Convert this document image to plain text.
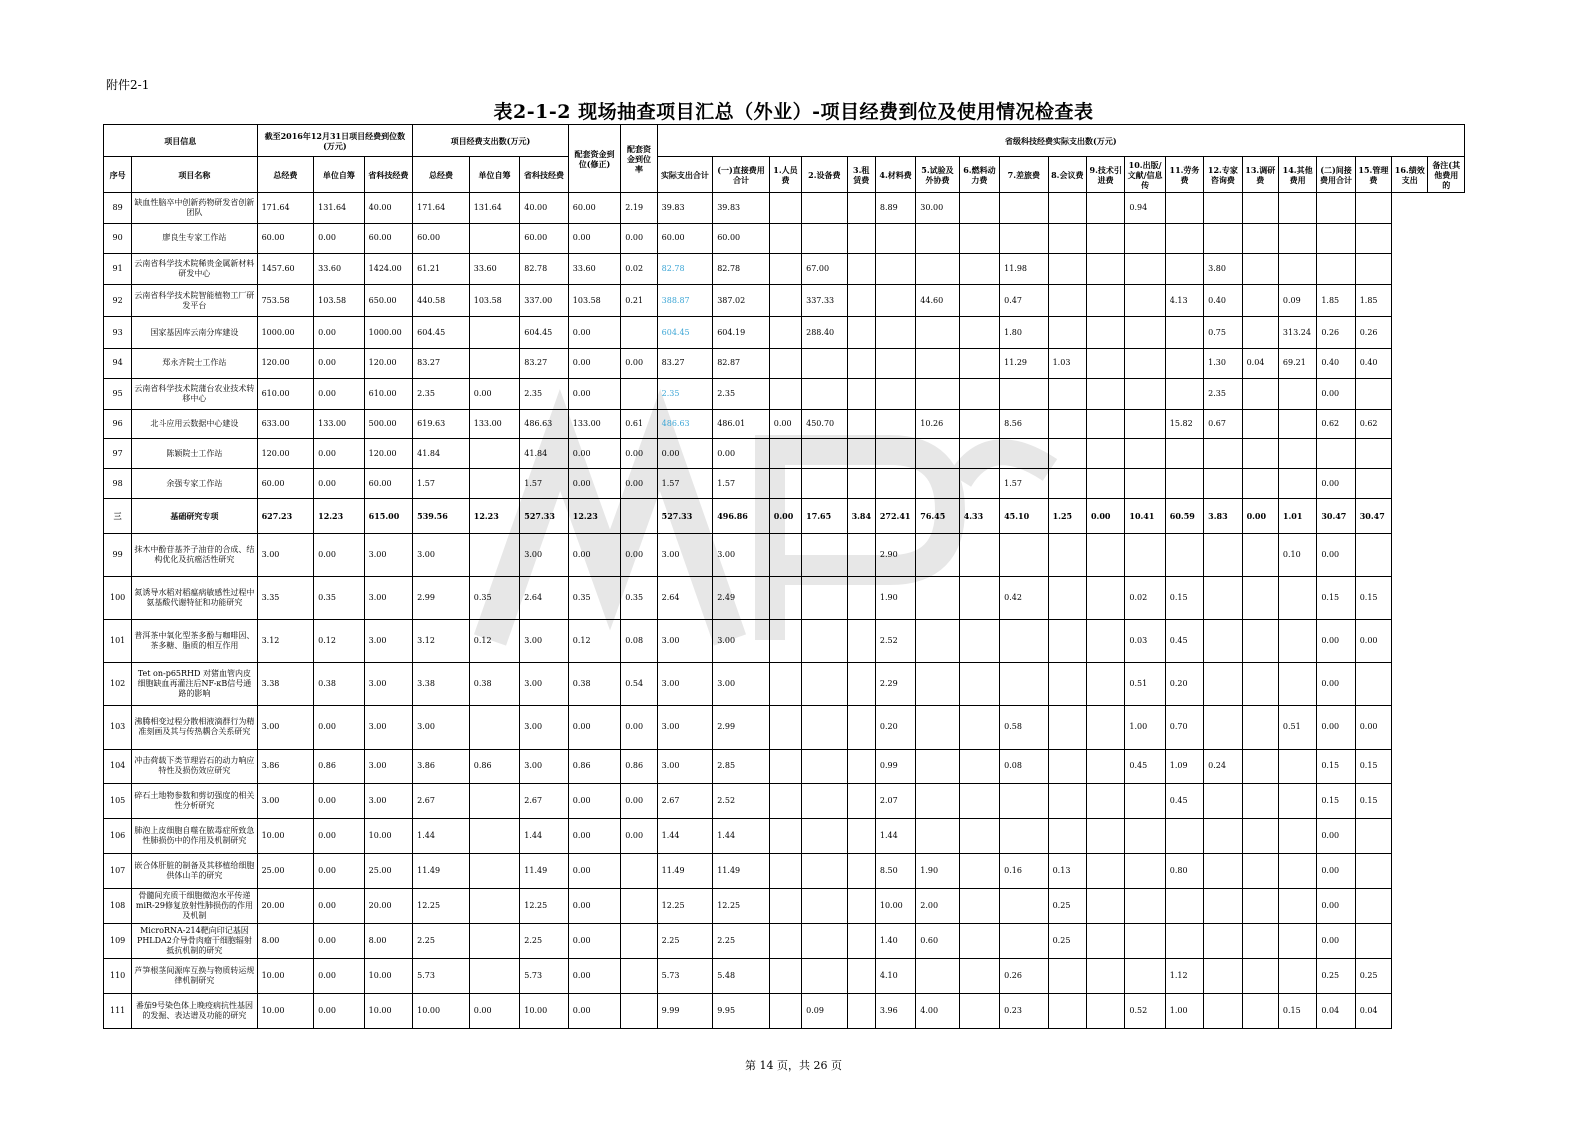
附件2-1
表2-1-2 现场抽查项目汇总（外业）-项目经费到位及使用情况检查表
项目信息		截至2016年12月31日项目经费到位数(万元)			项目经费支出数(万元)			配套资金到位(修正)	配套资金到位率	省级科技经费实际支出数(万元)																			
序号	项目名称	总经费	单位自筹	省科技经费	总经费	单位自筹	省科技经费			实际支出合计	(一)直接费用合计	1.人员费	2.设备费	3.租赁费	4.材料费	5.试验及外协费	6.燃料动力费	7.差旅费	8.会议费	9.技术引进费	10.出版/文献/信息传	11.劳务费	12.专家咨询费	13.调研费	14.其他费用	(二)间接费用合计	15.管理费	16.绩效支出	备注(其他费用的
89	缺血性脑卒中创新药物研发省创新团队	171.64	131.64	40.00	171.64	131.64	40.00	60.00	2.19	39.83	39.83				8.89	30.00					0.94								
90	廖良生专家工作站	60.00	0.00	60.00	60.00		60.00	0.00	0.00	60.00	60.00																		
91	云南省科学技术院稀贵金属新材料研发中心	1457.60	33.60	1424.00	61.21	33.60	82.78	33.60	0.02	82.78	82.78		67.00					11.98					3.80						
92	云南省科学技术院智能植物工厂研发平台	753.58	103.58	650.00	440.58	103.58	337.00	103.58	0.21	388.87	387.02		337.33			44.60		0.47				4.13	0.40		0.09	1.85	1.85		
93	国家基因库云南分库建设	1000.00	0.00	1000.00	604.45		604.45	0.00		604.45	604.19		288.40					1.80					0.75		313.24	0.26	0.26		
94	郑永齐院士工作站	120.00	0.00	120.00	83.27		83.27	0.00	0.00	83.27	82.87							11.29	1.03				1.30	0.04	69.21	0.40	0.40		
95	云南省科学技术院蒲台农业技术转移中心	610.00	0.00	610.00	2.35	0.00	2.35	0.00		2.35	2.35												2.35			0.00			
96	北斗应用云数据中心建设	633.00	133.00	500.00	619.63	133.00	486.63	133.00	0.61	486.63	486.01	0.00	450.70			10.26		8.56				15.82	0.67			0.62	0.62		
97	陈颖院士工作站	120.00	0.00	120.00	41.84		41.84	0.00	0.00	0.00	0.00																		
98	余强专家工作站	60.00	0.00	60.00	1.57		1.57	0.00	0.00	1.57	1.57							1.57								0.00			
三	基础研究专项	627.23	12.23	615.00	539.56	12.23	527.33	12.23		527.33	496.86	0.00	17.65	3.84	272.41	76.45	4.33	45.10	1.25	0.00	10.41	60.59	3.83	0.00	1.01	30.47	30.47		
99	抹木中酚苷基芥子油苷的合成、结构优化及抗癌活性研究	3.00	0.00	3.00	3.00		3.00	0.00	0.00	3.00	3.00				2.90										0.10	0.00			
100	氮诱导水稻对稻瘟病敏感性过程中氨基酸代谢特征和功能研究	3.35	0.35	3.00	2.99	0.35	2.64	0.35	0.35	2.64	2.49				1.90			0.42			0.02	0.15				0.15	0.15		
101	普洱茶中氧化型茶多酚与咖啡因、茶多糖、脂质的相互作用	3.12	0.12	3.00	3.12	0.12	3.00	0.12	0.08	3.00	3.00				2.52						0.03	0.45				0.00	0.00		
102	Tet on-p65RHD 对猪血管内皮细胞缺血再灌注后NF-κB信号通路的影响	3.38	0.38	3.00	3.38	0.38	3.00	0.38	0.54	3.00	3.00				2.29						0.51	0.20				0.00			
103	沸腾相变过程分散相液滴群行为精准刻画及其与传热耦合关系研究	3.00	0.00	3.00	3.00		3.00	0.00	0.00	3.00	2.99				0.20			0.58			1.00	0.70			0.51	0.00	0.00		
104	冲击荷载下类节理岩石的动力响应特性及损伤效应研究	3.86	0.86	3.00	3.86	0.86	3.00	0.86	0.86	3.00	2.85				0.99			0.08			0.45	1.09	0.24			0.15	0.15		
105	碎石土地物参数和剪切强度的相关性分析研究	3.00	0.00	3.00	2.67		2.67	0.00	0.00	2.67	2.52				2.07							0.45				0.15	0.15		
106	肺泡上皮细胞自噬在脓毒症所致急性肺损伤中的作用及机制研究	10.00	0.00	10.00	1.44		1.44	0.00	0.00	1.44	1.44				1.44											0.00			
107	嵌合体肝脏的制备及其移植给细胞供体山羊的研究	25.00	0.00	25.00	11.49		11.49	0.00		11.49	11.49				8.50	1.90		0.16	0.13			0.80				0.00			
108	骨髓间充质干细胞微泡水平传递miR-29修复放射性肺损伤的作用及机制	20.00	0.00	20.00	12.25		12.25	0.00		12.25	12.25				10.00	2.00			0.25							0.00			
109	MicroRNA-214靶向印记基因PHLDA2介导骨肉瘤干细胞辐射抵抗机制的研究	8.00	0.00	8.00	2.25		2.25	0.00		2.25	2.25				1.40	0.60			0.25							0.00			
110	芦笋根茎间源库互换与物质转运规律机制研究	10.00	0.00	10.00	5.73		5.73	0.00		5.73	5.48				4.10			0.26				1.12				0.25	0.25		
111	番茄9号染色体上晚疫病抗性基因的发掘、表达谱及功能的研究	10.00	0.00	10.00	10.00	0.00	10.00	0.00		9.99	9.95		0.09		3.96	4.00		0.23			0.52	1.00			0.15	0.04	0.04		
第 14 页，共 26 页
